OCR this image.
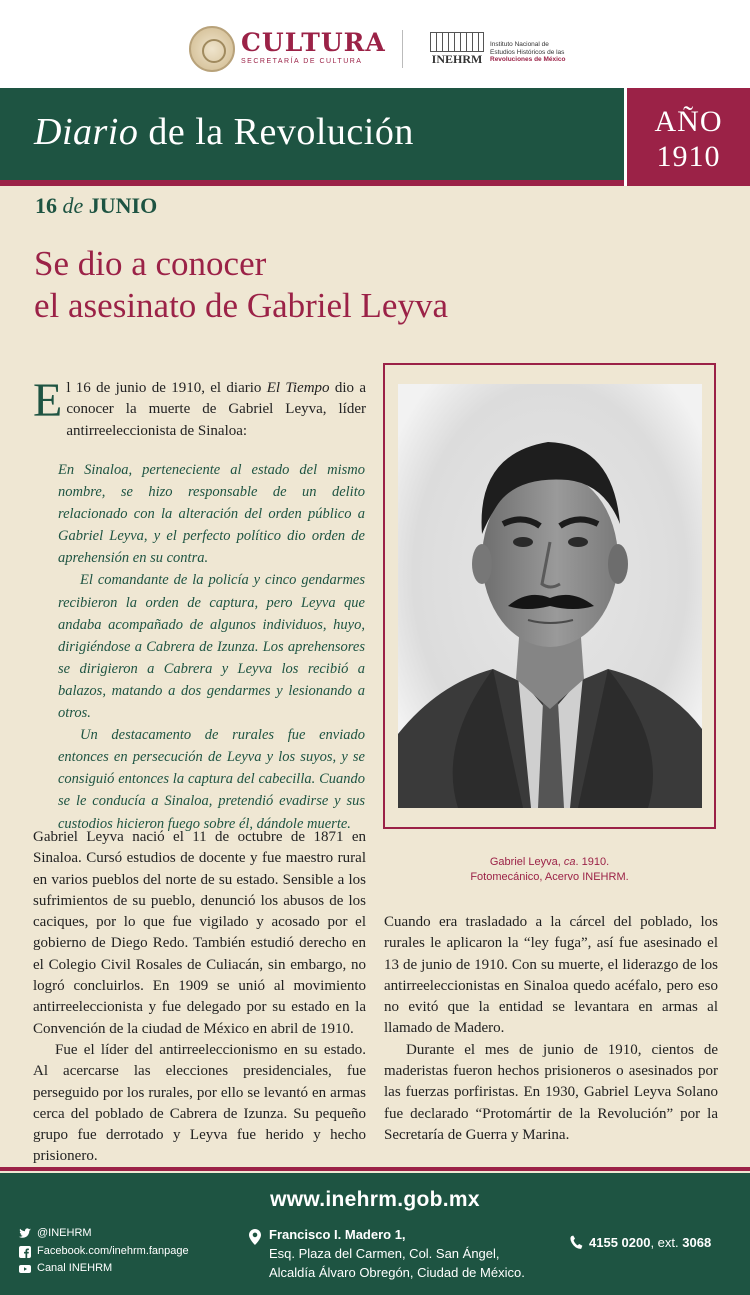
CULTURA
SECRETARÍA DE CULTURA	INEHRM
Instituto Nacional de
Estudios Históricos de las
Revoluciones de México
Diario de la Revolución	AÑO
1910
16 de JUNIO
Se dio a conocer
el asesinato de Gabriel Leyva
El 16 de junio de 1910, el diario El Tiempo dio a conocer la muerte de Gabriel Leyva, líder antirreeleccionista de Sinaloa:

En Sinaloa, perteneciente al estado del mismo nombre, se hizo responsable de un delito relacionado con la alteración del orden público a Gabriel Leyva, y el perfecto político dio orden de aprehensión en su contra.

El comandante de la policía y cinco gendarmes recibieron la orden de captura, pero Leyva que andaba acompañado de algunos individuos, huyo, dirigiéndose a Cabrera de Izunza. Los aprehensores se dirigieron a Cabrera y Leyva los recibió a balazos, matando a dos gendarmes y lesionando a otros.

Un destacamento de rurales fue enviado entonces en persecución de Leyva y los suyos, y se consiguió entonces la captura del cabecilla. Cuando se le conducía a Sinaloa, pretendió evadirse y sus custodios hicieron fuego sobre él, dándole muerte.

Gabriel Leyva nació el 11 de octubre de 1871 en Sinaloa. Cursó estudios de docente y fue maestro rural en varios pueblos del norte de su estado. Sensible a los sufrimientos de su pueblo, denunció los abusos de los caciques, por lo que fue vigilado y acosado por el gobierno de Diego Redo. También estudió derecho en el Colegio Civil Rosales de Culiacán, sin embargo, no logró concluirlos. En 1909 se unió al movimiento antirreeleccionista y fue delegado por su estado en la Convención de la ciudad de México en abril de 1910.

Fue el líder del antirreeleccionismo en su estado. Al acercarse las elecciones presidenciales, fue perseguido por los rurales, por ello se levantó en armas cerca del poblado de Cabrera de Izunza. Su pequeño grupo fue derrotado y Leyva fue herido y hecho prisionero.

Gabriel Leyva, ca. 1910.
Fotomecánico, Acervo INEHRM.

Cuando era trasladado a la cárcel del poblado, los rurales le aplicaron la “ley fuga”, así fue asesinado el 13 de junio de 1910. Con su muerte, el liderazgo de los antirreeleccionistas en Sinaloa quedo acéfalo, pero eso no evitó que la entidad se levantara en armas al llamado de Madero.

Durante el mes de junio de 1910, cientos de maderistas fueron hechos prisioneros o asesinados por las fuerzas porfiristas. En 1930, Gabriel Leyva Solano fue declarado “Protomártir de la Revolución” por la Secretaría de Guerra y Marina.

www.inehrm.gob.mx
@INEHRM
Facebook.com/inehrm.fanpage
Canal INEHRM
Francisco I. Madero 1,
Esq. Plaza del Carmen, Col. San Ángel,
Alcaldía Álvaro Obregón, Ciudad de México.
4155 0200, ext. 3068
